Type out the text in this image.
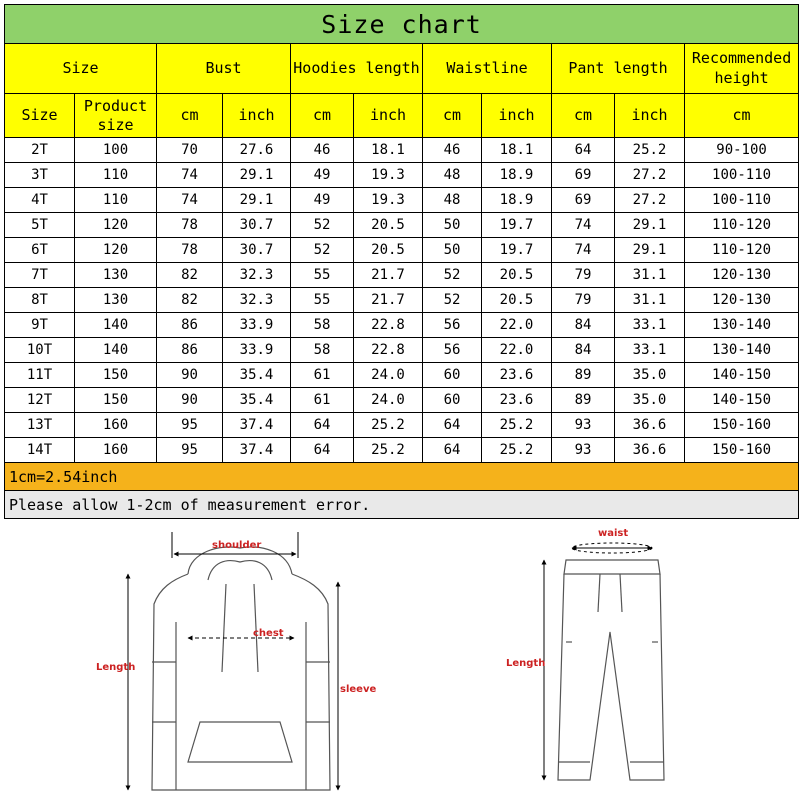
Size chart										
Size		Bust		Hoodies length		Waistline		Pant length		Recommended height
Size	Product size	cm	inch	cm	inch	cm	inch	cm	inch	cm
2T	100	70	27.6	46	18.1	46	18.1	64	25.2	90-100
3T	110	74	29.1	49	19.3	48	18.9	69	27.2	100-110
4T	110	74	29.1	49	19.3	48	18.9	69	27.2	100-110
5T	120	78	30.7	52	20.5	50	19.7	74	29.1	110-120
6T	120	78	30.7	52	20.5	50	19.7	74	29.1	110-120
7T	130	82	32.3	55	21.7	52	20.5	79	31.1	120-130
8T	130	82	32.3	55	21.7	52	20.5	79	31.1	120-130
9T	140	86	33.9	58	22.8	56	22.0	84	33.1	130-140
10T	140	86	33.9	58	22.8	56	22.0	84	33.1	130-140
11T	150	90	35.4	61	24.0	60	23.6	89	35.0	140-150
12T	150	90	35.4	61	24.0	60	23.6	89	35.0	140-150
13T	160	95	37.4	64	25.2	64	25.2	93	36.6	150-160
14T	160	95	37.4	64	25.2	64	25.2	93	36.6	150-160
1cm=2.54inch										
Please allow 1-2cm of measurement error.										
shoulder
chest
Length
sleeve
waist
Length
